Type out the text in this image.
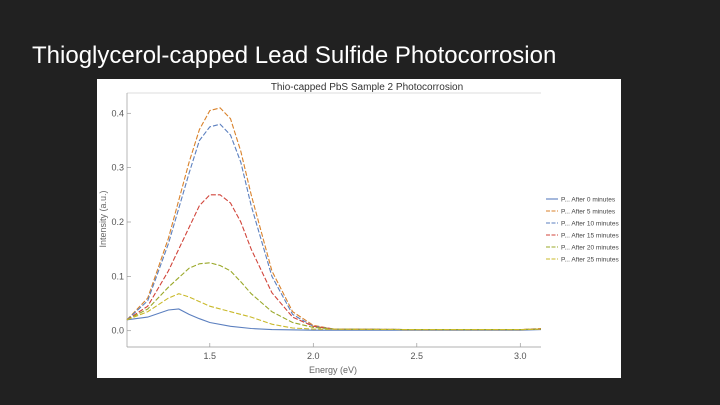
Thioglycerol-capped Lead Sulfide Photocorrosion
Thio-capped PbS Sample 2 Photocorrosion
Energy (eV)
Intensity (a.u.)
1.5	2.0	2.5	3.0
0.0
0.1
0.2
0.3
0.4
P... After 0 minutes
P... After 5 minutes
P... After 10 minutes
P... After 15 minutes
P... After 20 minutes
P... After 25 minutes
